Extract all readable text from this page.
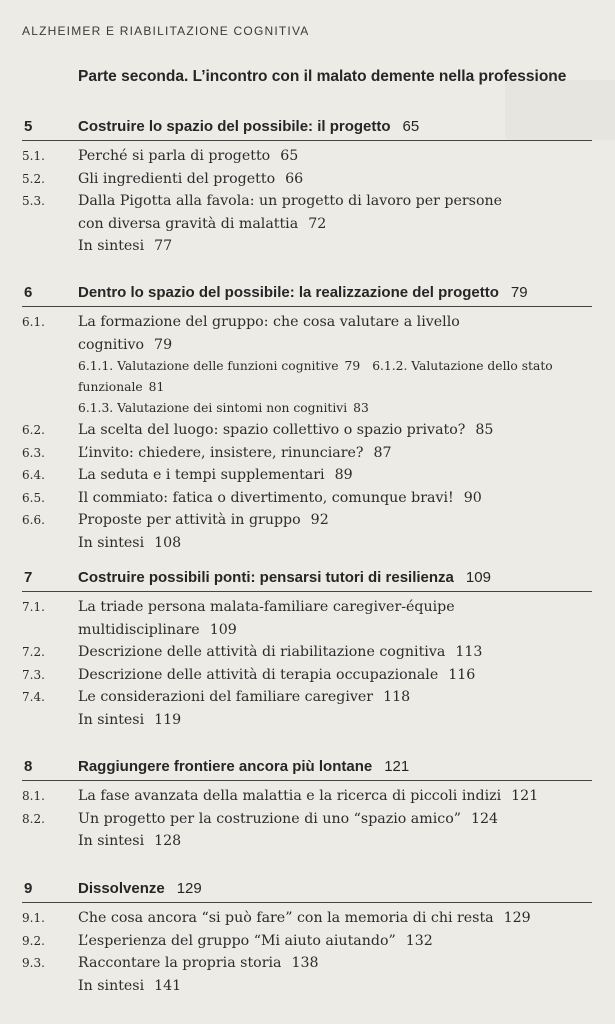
ALZHEIMER E RIABILITAZIONE COGNITIVA
Parte seconda. L’incontro con il malato demente nella professione
5	Costruire lo spazio del possibile: il progetto 65
5.1. Perché si parla di progetto 65
5.2. Gli ingredienti del progetto 66
5.3. Dalla Pigotta alla favola: un progetto di lavoro per persone
con diversa gravità di malattia 72
In sintesi 77
6	Dentro lo spazio del possibile: la realizzazione del progetto 79
6.1. La formazione del gruppo: che cosa valutare a livello
cognitivo 79
6.1.1. Valutazione delle funzioni cognitive 79 6.1.2. Valutazione dello stato funzionale 81
6.1.3. Valutazione dei sintomi non cognitivi 83
6.2. La scelta del luogo: spazio collettivo o spazio privato? 85
6.3. L’invito: chiedere, insistere, rinunciare? 87
6.4. La seduta e i tempi supplementari 89
6.5. Il commiato: fatica o divertimento, comunque bravi! 90
6.6. Proposte per attività in gruppo 92
In sintesi 108
7	Costruire possibili ponti: pensarsi tutori di resilienza 109
7.1. La triade persona malata-familiare caregiver-équipe
multidisciplinare 109
7.2. Descrizione delle attività di riabilitazione cognitiva 113
7.3. Descrizione delle attività di terapia occupazionale 116
7.4. Le considerazioni del familiare caregiver 118
In sintesi 119
8	Raggiungere frontiere ancora più lontane 121
8.1. La fase avanzata della malattia e la ricerca di piccoli indizi 121
8.2. Un progetto per la costruzione di uno “spazio amico” 124
In sintesi 128
9	Dissolvenze 129
9.1. Che cosa ancora “si può fare” con la memoria di chi resta 129
9.2. L’esperienza del gruppo “Mi aiuto aiutando” 132
9.3. Raccontare la propria storia 138
In sintesi 141
